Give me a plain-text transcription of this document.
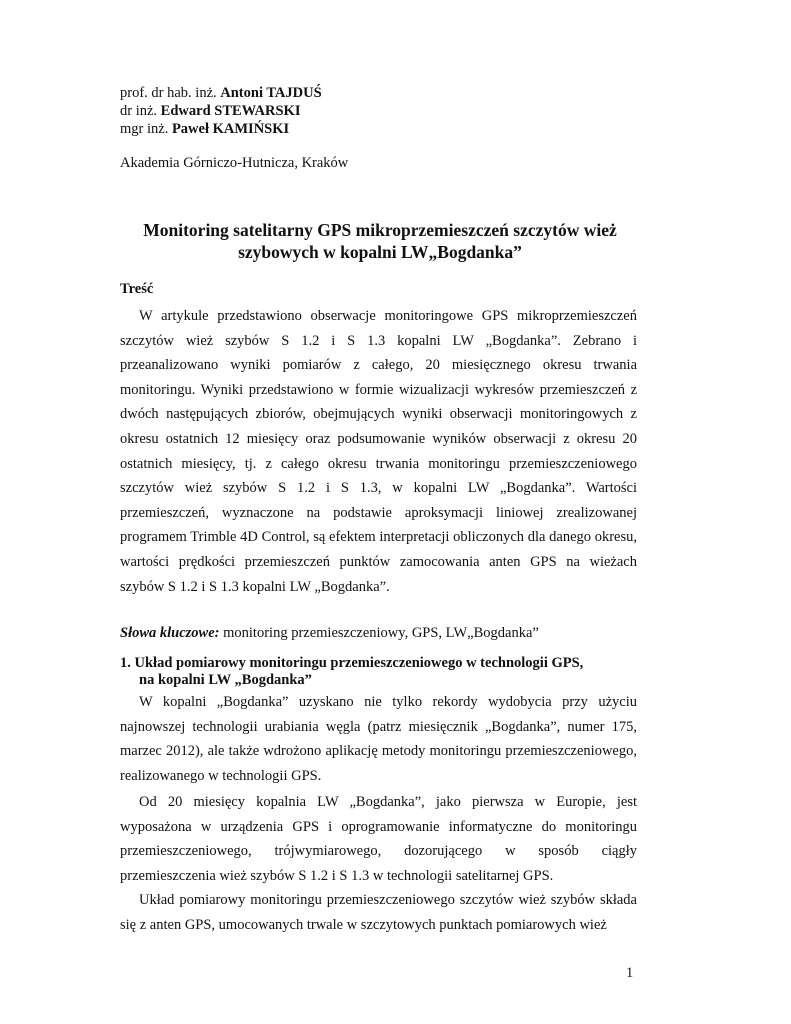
prof. dr hab. inż. Antoni TAJDUŚ
dr inż. Edward STEWARSKI
mgr inż. Paweł KAMIŃSKI
Akademia Górniczo-Hutnicza, Kraków
Monitoring satelitarny GPS mikroprzemieszczeń szczytów wież
szybowych w kopalni LW„Bogdanka”
Treść

W artykule przedstawiono obserwacje monitoringowe GPS mikroprzemieszczeń szczytów wież szybów S 1.2 i S 1.3 kopalni LW „Bogdanka”. Zebrano i przeanalizowano wyniki pomiarów z całego, 20 miesięcznego okresu trwania monitoringu. Wyniki przedstawiono w formie wizualizacji wykresów przemieszczeń z dwóch następujących zbiorów, obejmujących wyniki obserwacji monitoringowych z okresu ostatnich 12 miesięcy oraz podsumowanie wyników obserwacji z okresu 20 ostatnich miesięcy, tj. z całego okresu trwania monitoringu przemieszczeniowego szczytów wież szybów S 1.2 i S 1.3, w kopalni LW „Bogdanka”. Wartości przemieszczeń, wyznaczone na podstawie aproksymacji liniowej zrealizowanej programem Trimble 4D Control, są efektem interpretacji obliczonych dla danego okresu, wartości prędkości przemieszczeń punktów zamocowania anten GPS na wieżach szybów S 1.2 i S 1.3 kopalni LW „Bogdanka”.

Słowa kluczowe: monitoring przemieszczeniowy, GPS, LW„Bogdanka”
1. Układ pomiarowy monitoringu przemieszczeniowego w technologii GPS,
na kopalni LW „Bogdanka”

W kopalni „Bogdanka” uzyskano nie tylko rekordy wydobycia przy użyciu najnowszej technologii urabiania węgla (patrz miesięcznik „Bogdanka”, numer 175, marzec 2012), ale także wdrożono aplikację metody monitoringu przemieszczeniowego, realizowanego w technologii GPS.

Od 20 miesięcy kopalnia LW „Bogdanka”, jako pierwsza w Europie, jest wyposażona w urządzenia GPS i oprogramowanie informatyczne do monitoringu przemieszczeniowego, trójwymiarowego, dozorującego w sposób ciągły przemieszczenia wież szybów S 1.2 i S 1.3 w technologii satelitarnej GPS.

Układ pomiarowy monitoringu przemieszczeniowego szczytów wież szybów składa się z anten GPS, umocowanych trwale w szczytowych punktach pomiarowych wież

1
